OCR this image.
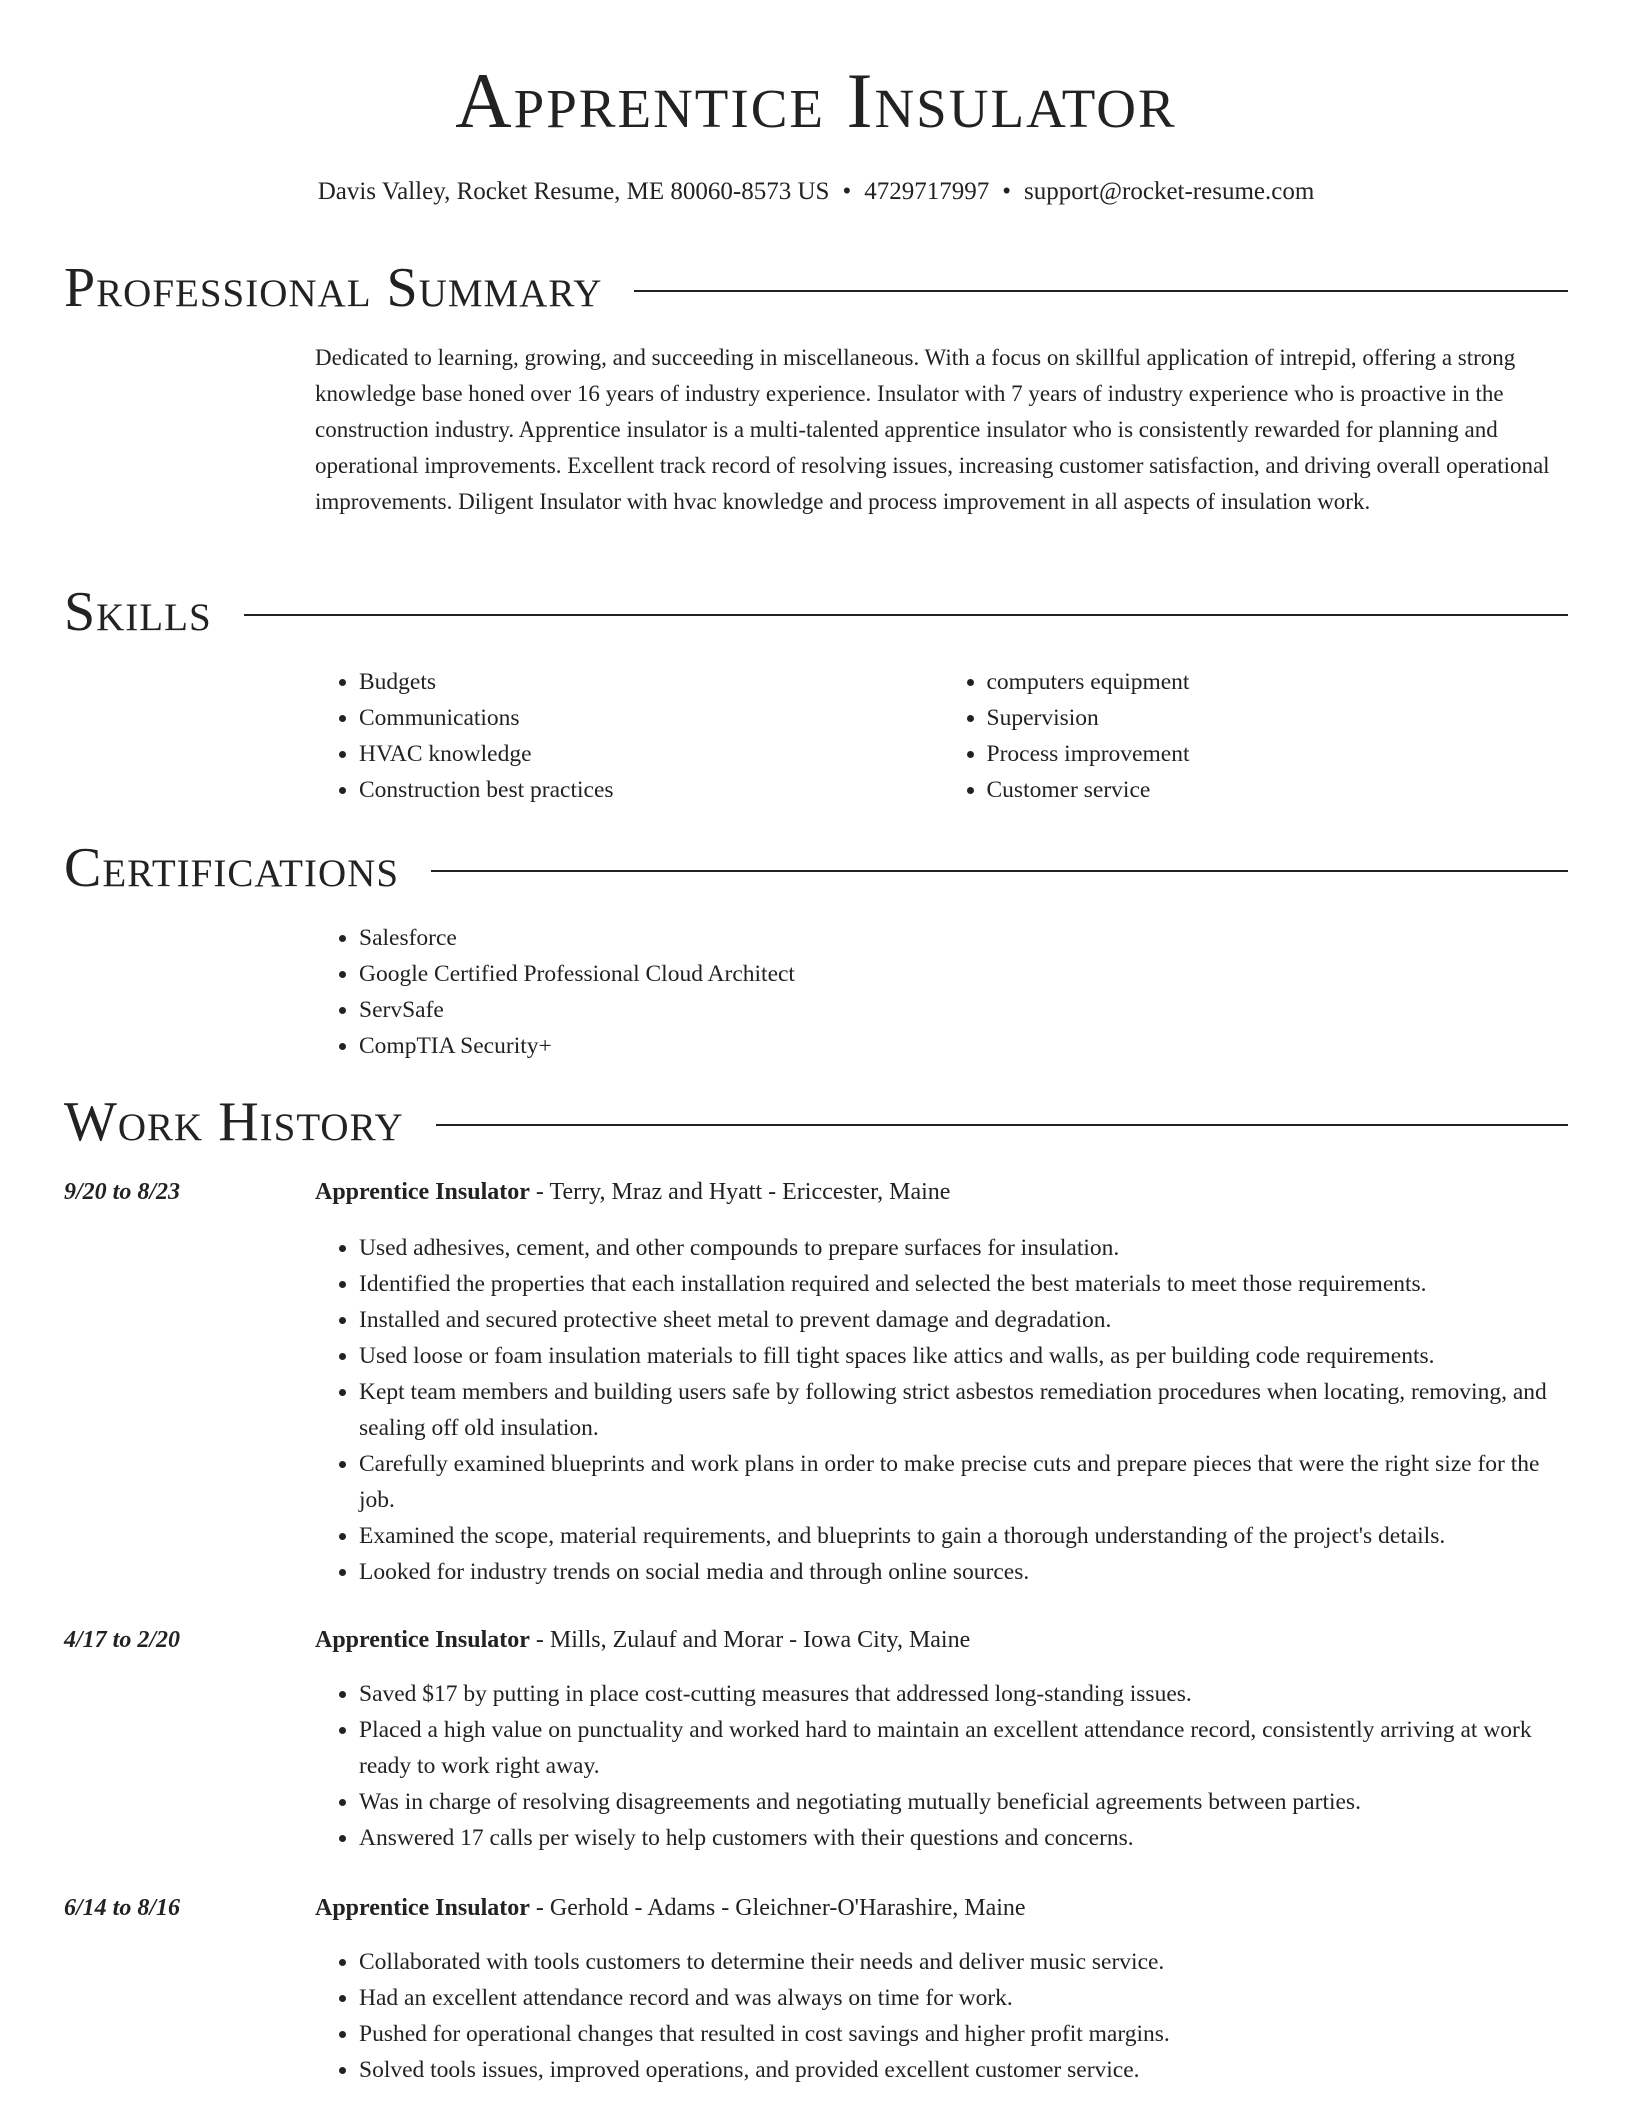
Apprentice Insulator
Davis Valley, Rocket Resume, ME 80060-8573 US • 4729717997 • support@rocket-resume.com
Professional Summary

Dedicated to learning, growing, and succeeding in miscellaneous. With a focus on skillful application of intrepid, offering a strong knowledge base honed over 16 years of industry experience. Insulator with 7 years of industry experience who is proactive in the construction industry. Apprentice insulator is a multi-talented apprentice insulator who is consistently rewarded for planning and operational improvements. Excellent track record of resolving issues, increasing customer satisfaction, and driving overall operational improvements. Diligent Insulator with hvac knowledge and process improvement in all aspects of insulation work.

Skills
• Budgets
• Communications
• HVAC knowledge
• Construction best practices
• computers equipment
• Supervision
• Process improvement
• Customer service
Certifications
• Salesforce
• Google Certified Professional Cloud Architect
• ServSafe
• CompTIA Security+
Work History
9/20 to 8/23	Apprentice Insulator - Terry, Mraz and Hyatt - Ericcester, Maine
• Used adhesives, cement, and other compounds to prepare surfaces for insulation.
• Identified the properties that each installation required and selected the best materials to meet those requirements.
• Installed and secured protective sheet metal to prevent damage and degradation.
• Used loose or foam insulation materials to fill tight spaces like attics and walls, as per building code requirements.
• Kept team members and building users safe by following strict asbestos remediation procedures when locating, removing, and sealing off old insulation.
• Carefully examined blueprints and work plans in order to make precise cuts and prepare pieces that were the right size for the job.
• Examined the scope, material requirements, and blueprints to gain a thorough understanding of the project's details.
• Looked for industry trends on social media and through online sources.
4/17 to 2/20	Apprentice Insulator - Mills, Zulauf and Morar - Iowa City, Maine
• Saved $17 by putting in place cost-cutting measures that addressed long-standing issues.
• Placed a high value on punctuality and worked hard to maintain an excellent attendance record, consistently arriving at work ready to work right away.
• Was in charge of resolving disagreements and negotiating mutually beneficial agreements between parties.
• Answered 17 calls per wisely to help customers with their questions and concerns.
6/14 to 8/16	Apprentice Insulator - Gerhold - Adams - Gleichner-O'Harashire, Maine
• Collaborated with tools customers to determine their needs and deliver music service.
• Had an excellent attendance record and was always on time for work.
• Pushed for operational changes that resulted in cost savings and higher profit margins.
• Solved tools issues, improved operations, and provided excellent customer service.
